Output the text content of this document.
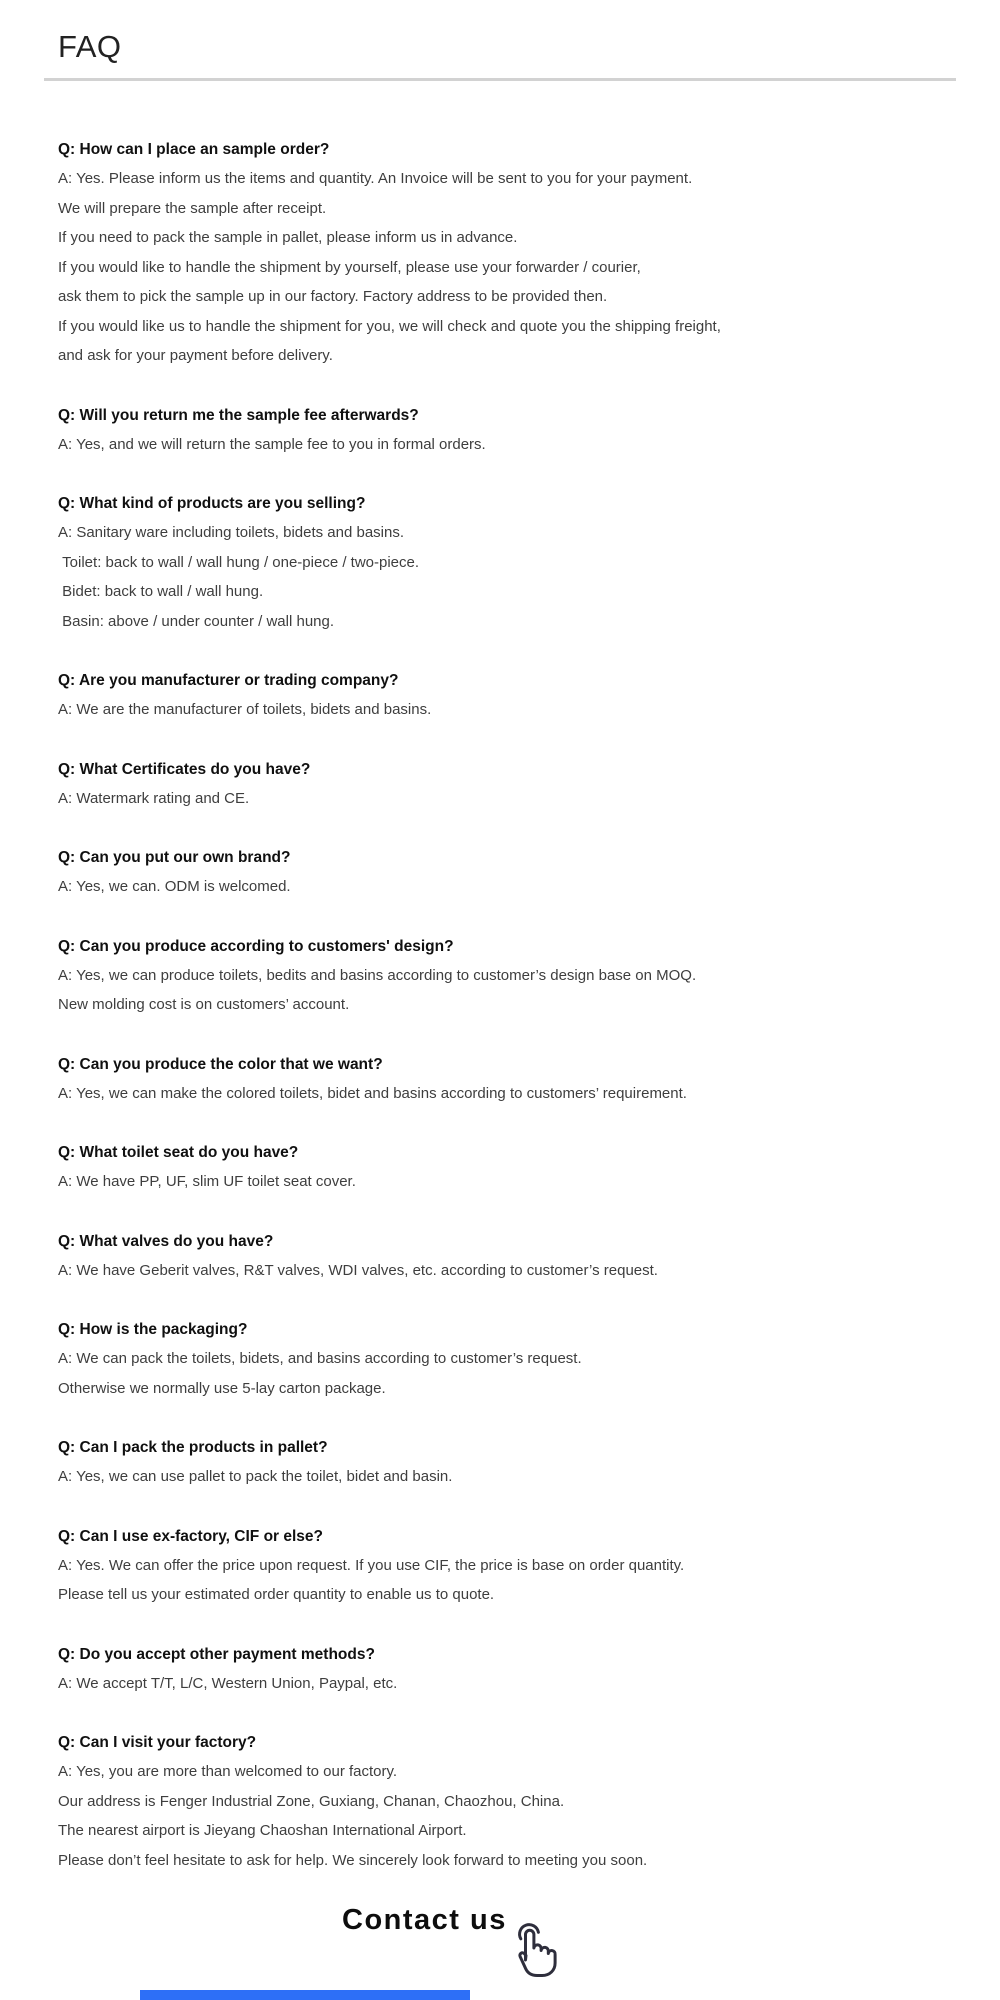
FAQ
Q: How can I place an sample order?

A: Yes. Please inform us the items and quantity. An Invoice will be sent to you for your payment.

We will prepare the sample after receipt.

If you need to pack the sample in pallet, please inform us in advance.

If you would like to handle the shipment by yourself, please use your forwarder / courier,

ask them to pick the sample up in our factory. Factory address to be provided then.

If you would like us to handle the shipment for you, we will check and quote you the shipping freight,

and ask for your payment before delivery.

Q: Will you return me the sample fee afterwards?

A: Yes, and we will return the sample fee to you in formal orders.

Q: What kind of products are you selling?

A: Sanitary ware including toilets, bidets and basins.

Toilet: back to wall / wall hung / one-piece / two-piece.

Bidet: back to wall / wall hung.

Basin: above / under counter / wall hung.

Q: Are you manufacturer or trading company?

A: We are the manufacturer of toilets, bidets and basins.

Q: What Certificates do you have?

A: Watermark rating and CE.

Q: Can you put our own brand?

A: Yes, we can. ODM is welcomed.

Q: Can you produce according to customers' design?

A: Yes, we can produce toilets, bedits and basins according to customer’s design base on MOQ.

New molding cost is on customers’ account.

Q: Can you produce the color that we want?

A: Yes, we can make the colored toilets, bidet and basins according to customers’ requirement.

Q: What toilet seat do you have?

A: We have PP, UF, slim UF toilet seat cover.

Q: What valves do you have?

A: We have Geberit valves, R&T valves, WDI valves, etc. according to customer’s request.

Q: How is the packaging?

A: We can pack the toilets, bidets, and basins according to customer’s request.

Otherwise we normally use 5-lay carton package.

Q: Can I pack the products in pallet?

A: Yes, we can use pallet to pack the toilet, bidet and basin.

Q: Can I use ex-factory, CIF or else?

A: Yes. We can offer the price upon request. If you use CIF, the price is base on order quantity.

Please tell us your estimated order quantity to enable us to quote.

Q: Do you accept other payment methods?

A: We accept T/T, L/C, Western Union, Paypal, etc.

Q: Can I visit your factory?

A: Yes, you are more than welcomed to our factory.

Our address is Fenger Industrial Zone, Guxiang, Chanan, Chaozhou, China.

The nearest airport is Jieyang Chaoshan International Airport.

Please don’t feel hesitate to ask for help. We sincerely look forward to meeting you soon.

Contact us
